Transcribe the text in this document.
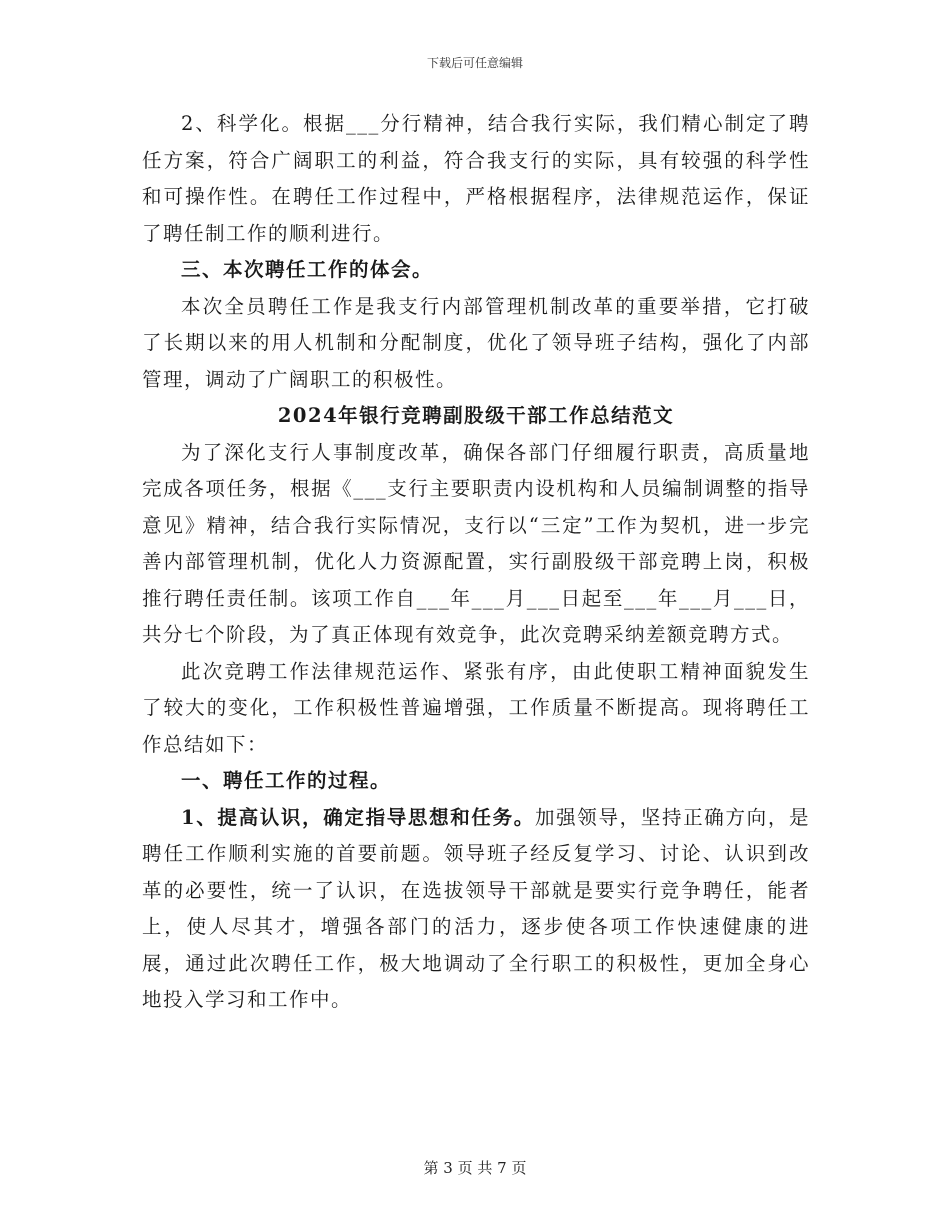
下载后可任意编辑

2、科学化。根据___分行精神，结合我行实际，我们精心制定了聘任方案，符合广阔职工的利益，符合我支行的实际，具有较强的科学性和可操作性。在聘任工作过程中，严格根据程序，法律规范运作，保证了聘任制工作的顺利进行。

三、本次聘任工作的体会。

本次全员聘任工作是我支行内部管理机制改革的重要举措，它打破了长期以来的用人机制和分配制度，优化了领导班子结构，强化了内部管理，调动了广阔职工的积极性。

2024年银行竞聘副股级干部工作总结范文

为了深化支行人事制度改革，确保各部门仔细履行职责，高质量地完成各项任务，根据《___支行主要职责内设机构和人员编制调整的指导意见》精神，结合我行实际情况，支行以“三定”工作为契机，进一步完善内部管理机制，优化人力资源配置，实行副股级干部竞聘上岗，积极推行聘任责任制。该项工作自___年___月___日起至___年___月___日，共分七个阶段，为了真正体现有效竞争，此次竞聘采纳差额竞聘方式。

此次竞聘工作法律规范运作、紧张有序，由此使职工精神面貌发生了较大的变化，工作积极性普遍增强，工作质量不断提高。现将聘任工作总结如下：

一、聘任工作的过程。

1、提高认识，确定指导思想和任务。加强领导，坚持正确方向，是聘任工作顺利实施的首要前题。领导班子经反复学习、讨论、认识到改革的必要性，统一了认识，在选拔领导干部就是要实行竞争聘任，能者上，使人尽其才，增强各部门的活力，逐步使各项工作快速健康的进展，通过此次聘任工作，极大地调动了全行职工的积极性，更加全身心地投入学习和工作中。

第 3 页 共 7 页
